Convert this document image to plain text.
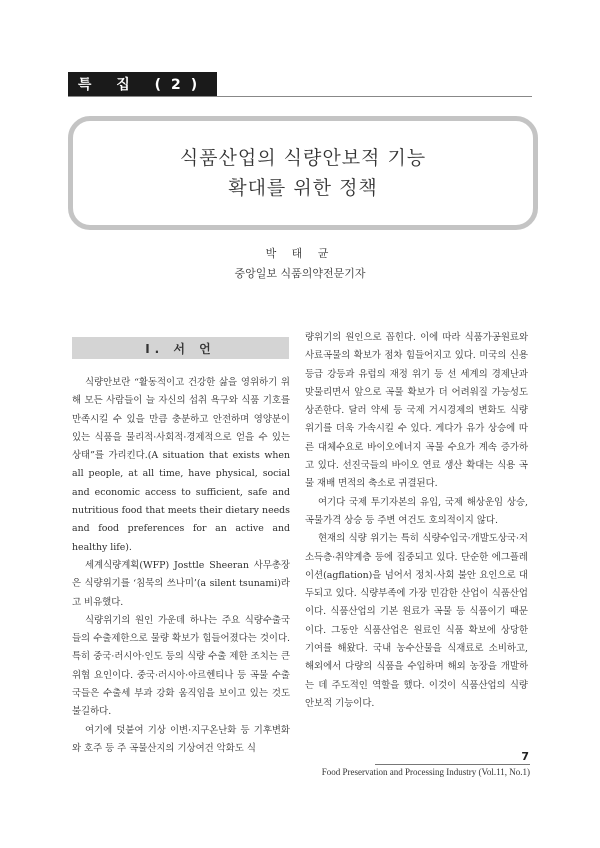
특 집 (2)
식품산업의 식량안보적 기능
확대를 위한 정책
박 태 균
중앙일보 식품의약전문기자
Ⅰ. 서 언

식량안보란 “활동적이고 건강한 삶을 영위하기 위해 모든 사람들이 늘 자신의 섭취 욕구와 식품 기호를 만족시킬 수 있을 만큼 충분하고 안전하며 영양분이 있는 식품을 물리적·사회적·경제적으로 얻을 수 있는 상태”를 가리킨다.(A situation that exists when all people, at all time, have physical, social and economic access to sufficient, safe and nutritious food that meets their dietary needs and food preferences for an active and healthy life).

세계식량계획(WFP) Josttle Sheeran 사무총장은 식량위기를 ‘침묵의 쓰나미’(a silent tsunami)라고 비유했다.

식량위기의 원인 가운데 하나는 주요 식량수출국들의 수출제한으로 물량 확보가 힘들어졌다는 것이다. 특히 중국·러시아·인도 등의 식량 수출 제한 조치는 큰 위협 요인이다. 중국·러시아·아르헨티나 등 곡물 수출국들은 수출세 부과 강화 움직임을 보이고 있는 것도 불길하다.

여기에 덧붙여 기상 이변·지구온난화 등 기후변화와 호주 등 주 곡물산지의 기상여건 악화도 식

량위기의 원인으로 꼽힌다. 이에 따라 식품가공원료와 사료곡물의 확보가 점차 힘들어지고 있다. 미국의 신용등급 강등과 유럽의 재정 위기 등 선 세계의 경제난과 맞물리면서 앞으로 곡물 확보가 더 어려워질 가능성도 상존한다. 달러 약세 등 국제 거시경제의 변화도 식량위기를 더욱 가속시킬 수 있다. 게다가 유가 상승에 따른 대체수요로 바이오에너지 곡물 수요가 계속 증가하고 있다. 선진국들의 바이오 연료 생산 확대는 식용 곡물 재배 면적의 축소로 귀결된다.

여기다 국제 투기자본의 유입, 국제 해상운임 상승, 곡물가격 상승 등 주변 여건도 호의적이지 않다.

현재의 식량 위기는 특히 식량수입국·개발도상국·저소득층·취약계층 등에 집중되고 있다. 단순한 에그플레이션(agflation)을 넘어서 정치·사회 불안 요인으로 대두되고 있다. 식량부족에 가장 민감한 산업이 식품산업이다. 식품산업의 기본 원료가 곡물 등 식품이기 때문이다. 그동안 식품산업은 원료인 식품 확보에 상당한 기여를 해왔다. 국내 농수산물을 식재료로 소비하고, 해외에서 다량의 식품을 수입하며 해외 농장을 개발하는 데 주도적인 역할을 했다. 이것이 식품산업의 식량안보적 기능이다.

7
Food Preservation and Processing Industry (Vol.11, No.1)
